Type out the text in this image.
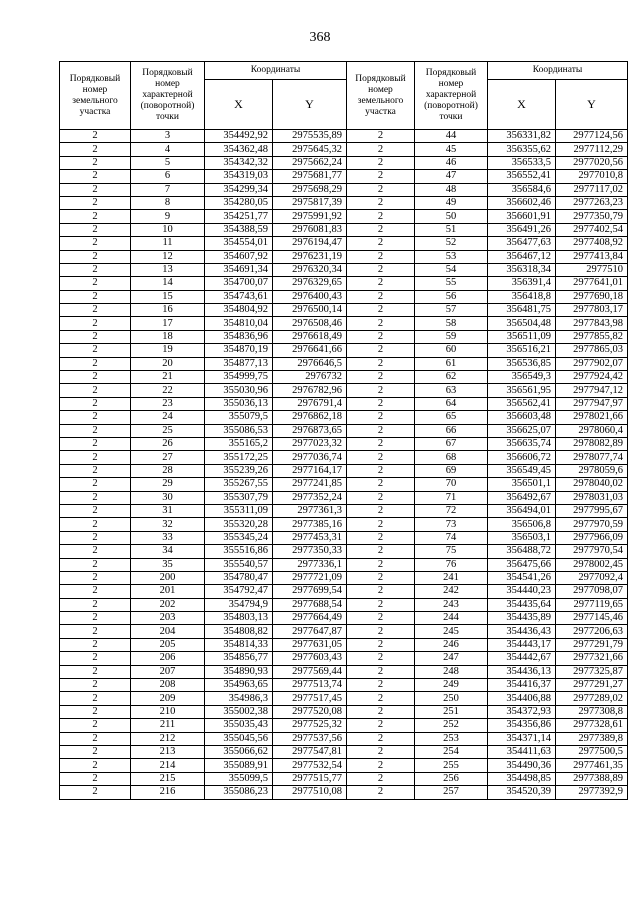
368
Порядковый номер земельного участка	Порядковый номер характерной (поворотной) точки	Координаты		Порядковый номер земельного участка	Порядковый номер характерной (поворотной) точки	Координаты	
		X	Y			X	Y
2	3	354492,92	2975535,89	2	44	356331,82	2977124,56
2	4	354362,48	2975645,32	2	45	356355,62	2977112,29
2	5	354342,32	2975662,24	2	46	356533,5	2977020,56
2	6	354319,03	2975681,77	2	47	356552,41	2977010,8
2	7	354299,34	2975698,29	2	48	356584,6	2977117,02
2	8	354280,05	2975817,39	2	49	356602,46	2977263,23
2	9	354251,77	2975991,92	2	50	356601,91	2977350,79
2	10	354388,59	2976081,83	2	51	356491,26	2977402,54
2	11	354554,01	2976194,47	2	52	356477,63	2977408,92
2	12	354607,92	2976231,19	2	53	356467,12	2977413,84
2	13	354691,34	2976320,34	2	54	356318,34	2977510
2	14	354700,07	2976329,65	2	55	356391,4	2977641,01
2	15	354743,61	2976400,43	2	56	356418,8	2977690,18
2	16	354804,92	2976500,14	2	57	356481,75	2977803,17
2	17	354810,04	2976508,46	2	58	356504,48	2977843,98
2	18	354836,96	2976618,49	2	59	356511,09	2977855,82
2	19	354870,19	2976641,66	2	60	356516,21	2977865,03
2	20	354877,13	2976646,5	2	61	356536,85	2977902,07
2	21	354999,75	2976732	2	62	356549,3	2977924,42
2	22	355030,96	2976782,96	2	63	356561,95	2977947,12
2	23	355036,13	2976791,4	2	64	356562,41	2977947,97
2	24	355079,5	2976862,18	2	65	356603,48	2978021,66
2	25	355086,53	2976873,65	2	66	356625,07	2978060,4
2	26	355165,2	2977023,32	2	67	356635,74	2978082,89
2	27	355172,25	2977036,74	2	68	356606,72	2978077,74
2	28	355239,26	2977164,17	2	69	356549,45	2978059,6
2	29	355267,55	2977241,85	2	70	356501,1	2978040,02
2	30	355307,79	2977352,24	2	71	356492,67	2978031,03
2	31	355311,09	2977361,3	2	72	356494,01	2977995,67
2	32	355320,28	2977385,16	2	73	356506,8	2977970,59
2	33	355345,24	2977453,31	2	74	356503,1	2977966,09
2	34	355516,86	2977350,33	2	75	356488,72	2977970,54
2	35	355540,57	2977336,1	2	76	356475,66	2978002,45
2	200	354780,47	2977721,09	2	241	354541,26	2977092,4
2	201	354792,47	2977699,54	2	242	354440,23	2977098,07
2	202	354794,9	2977688,54	2	243	354435,64	2977119,65
2	203	354803,13	2977664,49	2	244	354435,89	2977145,46
2	204	354808,82	2977647,87	2	245	354436,43	2977206,63
2	205	354814,33	2977631,05	2	246	354443,17	2977291,79
2	206	354856,77	2977603,43	2	247	354442,67	2977321,66
2	207	354890,93	2977569,44	2	248	354436,13	2977325,87
2	208	354963,65	2977513,74	2	249	354416,37	2977291,27
2	209	354986,3	2977517,45	2	250	354406,88	2977289,02
2	210	355002,38	2977520,08	2	251	354372,93	2977308,8
2	211	355035,43	2977525,32	2	252	354356,86	2977328,61
2	212	355045,56	2977537,56	2	253	354371,14	2977389,8
2	213	355066,62	2977547,81	2	254	354411,63	2977500,5
2	214	355089,91	2977532,54	2	255	354490,36	2977461,35
2	215	355099,5	2977515,77	2	256	354498,85	2977388,89
2	216	355086,23	2977510,08	2	257	354520,39	2977392,9
